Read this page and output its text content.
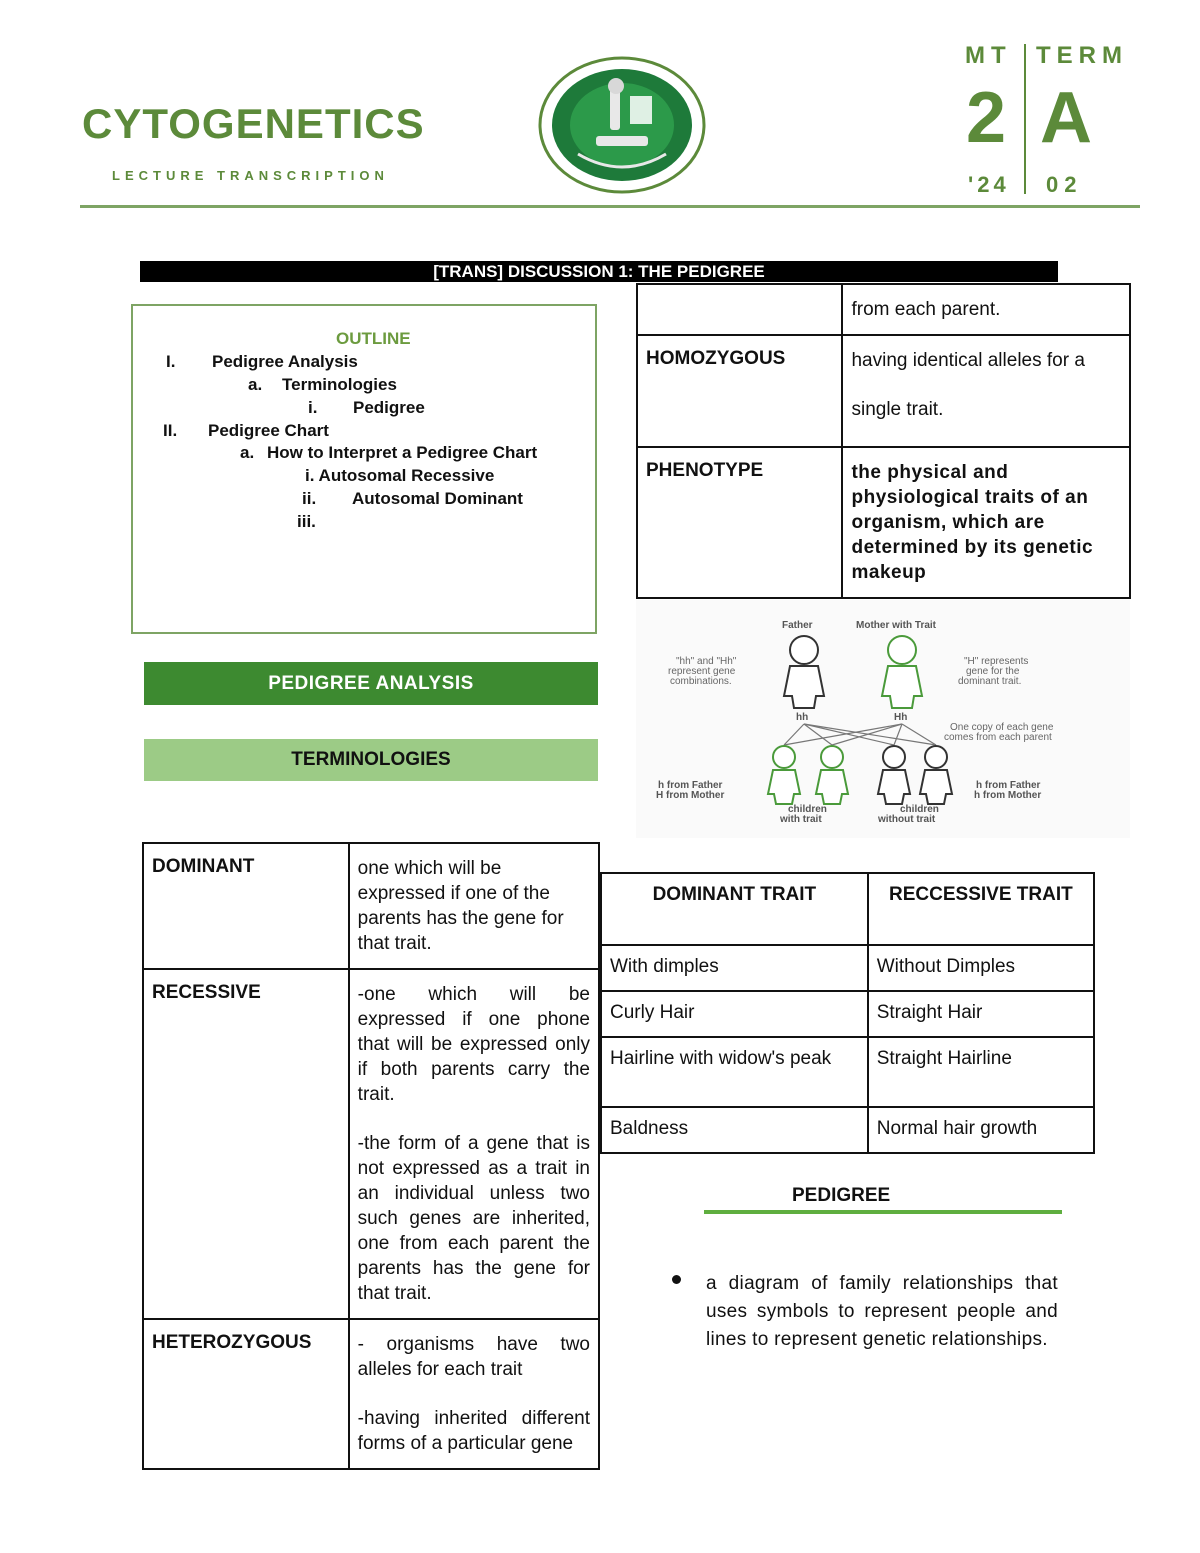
CYTOGENETICS
LECTURE TRANSCRIPTION
MT TERM
2 A
'24 02
[TRANS] DISCUSSION 1: THE PEDIGREE
OUTLINE
I. Pedigree Analysis
a. Terminologies
i. Pedigree
II. Pedigree Chart
a. How to Interpret a Pedigree Chart
i. Autosomal Recessive
ii. Autosomal Dominant
iii.
PEDIGREE ANALYSIS
TERMINOLOGIES
DOMINANT	one which will be expressed if one of the parents has the gene for that trait.

RECESSIVE	-one which will be expressed if one phone that will be expressed only if both parents carry the trait.
-the form of a gene that is not expressed as a trait in an individual unless two such genes are inherited, one from each parent the parents has the gene for that trait.

HETEROZYGOUS	- organisms have two alleles for each trait
-having inherited different forms of a particular gene
	from each parent.
HOMOZYGOUS	having identical alleles for a single trait.
PHENOTYPE	the physical and physiological traits of an organism, which are determined by its genetic makeup
Father	Mother with Trait
hh	Hh
"hh" and "Hh"
represent gene
combinations.
"H" represents
gene for the
dominant trait.
One copy of each gene
comes from each parent
h from Father
H from Mother
h from Father
h from Mother
children
with trait
children
without trait
DOMINANT TRAIT	RECCESSIVE TRAIT
With dimples	Without Dimples
Curly Hair	Straight Hair
Hairline with widow's peak	Straight Hairline
Baldness	Normal hair growth
PEDIGREE
a diagram of family relationships that uses symbols to represent people and lines to represent genetic relationships.
